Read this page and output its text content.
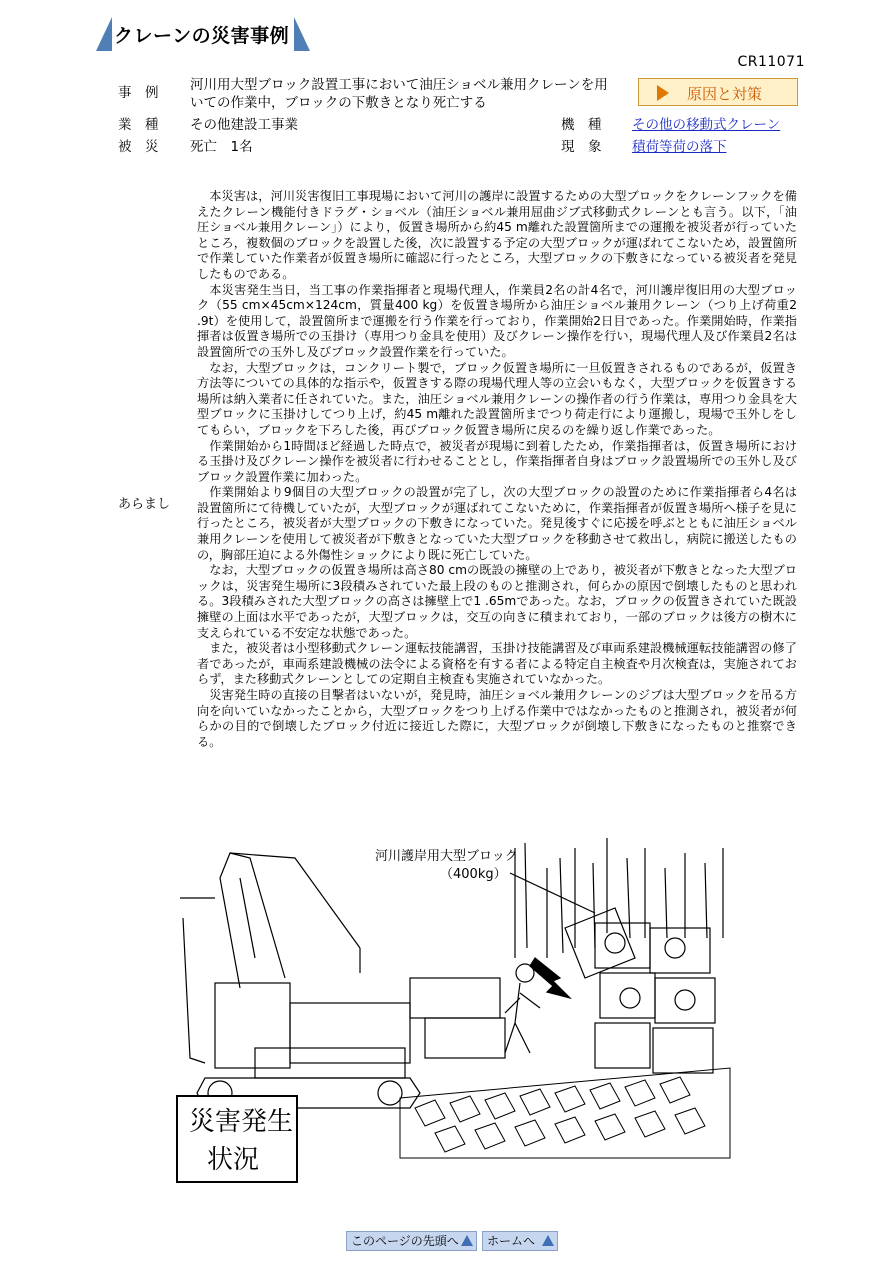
クレーンの災害事例
CR11071
事　例 河川用大型ブロック設置工事において油圧ショベル兼用クレーンを用
いての作業中，ブロックの下敷きとなり死亡する	原因と対策
業　種 その他建設工事業
被　災 死亡　1名
機　種 その他の移動式クレーン
現　象 積荷等荷の落下
あらまし

本災害は，河川災害復旧工事現場において河川の護岸に設置するための大型ブロックをクレーンフックを備えたクレーン機能付きドラグ・ショベル（油圧ショベル兼用屈曲ジブ式移動式クレーンとも言う。以下，「油圧ショベル兼用クレーン」）により，仮置き場所から約45 m離れた設置箇所までの運搬を被災者が行っていたところ，複数個のブロックを設置した後，次に設置する予定の大型ブロックが運ばれてこないため，設置箇所で作業していた作業者が仮置き場所に確認に行ったところ，大型ブロックの下敷きになっている被災者を発見したものである。

本災害発生当日，当工事の作業指揮者と現場代理人，作業員2名の計4名で，河川護岸復旧用の大型ブロック（55 cm×45cm×124cm，質量400 kg）を仮置き場所から油圧ショベル兼用クレーン（つり上げ荷重2 .9t）を使用して，設置箇所まで運搬を行う作業を行っており，作業開始2日目であった。作業開始時，作業指揮者は仮置き場所での玉掛け（専用つり金具を使用）及びクレーン操作を行い，現場代理人及び作業員2名は設置箇所での玉外し及びブロック設置作業を行っていた。

なお，大型ブロックは，コンクリート製で，ブロック仮置き場所に一旦仮置きされるものであるが，仮置き方法等についての具体的な指示や，仮置きする際の現場代理人等の立会いもなく，大型ブロックを仮置きする場所は納入業者に任されていた。また，油圧ショベル兼用クレーンの操作者の行う作業は，専用つり金具を大型ブロックに玉掛けしてつり上げ，約45 m離れた設置箇所までつり荷走行により運搬し，現場で玉外しをしてもらい，ブロックを下ろした後，再びブロック仮置き場所に戻るのを繰り返し作業であった。

作業開始から1時間ほど経過した時点で，被災者が現場に到着したため，作業指揮者は，仮置き場所における玉掛け及びクレーン操作を被災者に行わせることとし，作業指揮者自身はブロック設置場所での玉外し及びブロック設置作業に加わった。

作業開始より9個目の大型ブロックの設置が完了し，次の大型ブロックの設置のために作業指揮者ら4名は設置箇所にて待機していたが，大型ブロックが運ばれてこないために，作業指揮者が仮置き場所へ様子を見に行ったところ，被災者が大型ブロックの下敷きになっていた。発見後すぐに応援を呼ぶとともに油圧ショベル兼用クレーンを使用して被災者が下敷きとなっていた大型ブロックを移動させて救出し，病院に搬送したものの，胸部圧迫による外傷性ショックにより既に死亡していた。

なお，大型ブロックの仮置き場所は高さ80 cmの既設の擁壁の上であり，被災者が下敷きとなった大型ブロックは，災害発生場所に3段積みされていた最上段のものと推測され，何らかの原因で倒壊したものと思われる。3段積みされた大型ブロックの高さは擁壁上で1 .65mであった。なお，ブロックの仮置きされていた既設擁壁の上面は水平であったが，大型ブロックは，交互の向きに積まれており，一部のブロックは後方の樹木に支えられている不安定な状態であった。

また，被災者は小型移動式クレーン運転技能講習，玉掛け技能講習及び車両系建設機械運転技能講習の修了者であったが，車両系建設機械の法令による資格を有する者による特定自主検査や月次検査は，実施されておらず，また移動式クレーンとしての定期自主検査も実施されていなかった。

災害発生時の直接の目撃者はいないが，発見時，油圧ショベル兼用クレーンのジブは大型ブロックを吊る方向を向いていなかったことから，大型ブロックをつり上げる作業中ではなかったものと推測され，被災者が何らかの目的で倒壊したブロック付近に接近した際に，大型ブロックが倒壊し下敷きになったものと推察できる。

河川護岸用大型ブロック
（400kg）
災害発生
状況
このページの先頭へ	ホームへ
